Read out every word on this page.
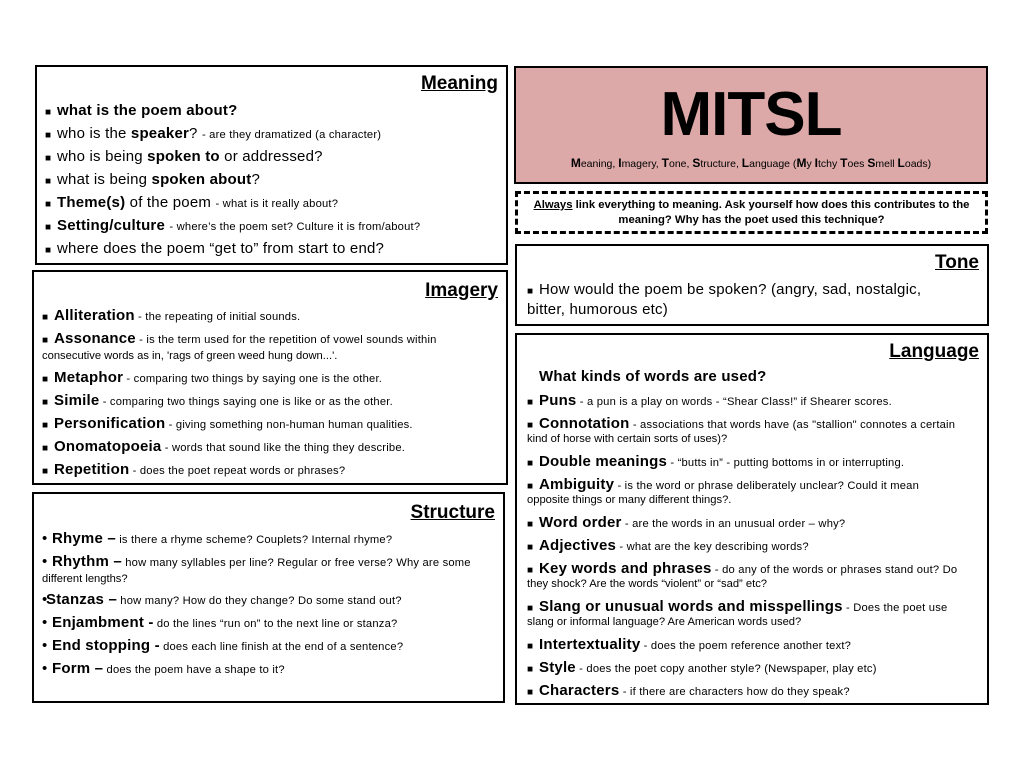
Meaning
■ what is the poem about?
■ who is the speaker? - are they dramatized (a character)
■ who is being spoken to or addressed?
■ what is being spoken about?
■ Theme(s) of the poem - what is it really about?
■ Setting/culture - where’s the poem set? Culture it is from/about?
■ where does the poem “get to” from start to end?
MITSL
Meaning, Imagery, Tone, Structure, Language (My Itchy Toes Smell Loads)
Always link everything to meaning. Ask yourself how does this contributes to the
meaning? Why has the poet used this technique?
Tone
■ How would the poem be spoken? (angry, sad, nostalgic,
bitter, humorous etc)
Imagery
■ Alliteration - the repeating of initial sounds.
■ Assonance - is the term used for the repetition of vowel sounds within
consecutive words as in, 'rags of green weed hung down...'.
■ Metaphor - comparing two things by saying one is the other.
■ Simile - comparing two things saying one is like or as the other.
■ Personification - giving something non-human human qualities.
■ Onomatopoeia - words that sound like the thing they describe.
■ Repetition - does the poet repeat words or phrases?
Structure
• Rhyme – is there a rhyme scheme? Couplets? Internal rhyme?
• Rhythm – how many syllables per line? Regular or free verse? Why are some
different lengths?
•Stanzas – how many? How do they change? Do some stand out?
• Enjambment - do the lines “run on” to the next line or stanza?
• End stopping - does each line finish at the end of a sentence?
• Form – does the poem have a shape to it?
Language
What kinds of words are used?
■ Puns - a pun is a play on words - “Shear Class!” if Shearer scores.
■ Connotation - associations that words have (as "stallion" connotes a certain
kind of horse with certain sorts of uses)?
■ Double meanings - “butts in” - putting bottoms in or interrupting.
■ Ambiguity - is the word or phrase deliberately unclear? Could it mean
opposite things or many different things?.
■ Word order - are the words in an unusual order – why?
■ Adjectives - what are the key describing words?
■ Key words and phrases - do any of the words or phrases stand out? Do
they shock? Are the words “violent” or “sad” etc?
■ Slang or unusual words and misspellings - Does the poet use
slang or informal language? Are American words used?
■ Intertextuality - does the poem reference another text?
■ Style - does the poet copy another style? (Newspaper, play etc)
■ Characters - if there are characters how do they speak?
